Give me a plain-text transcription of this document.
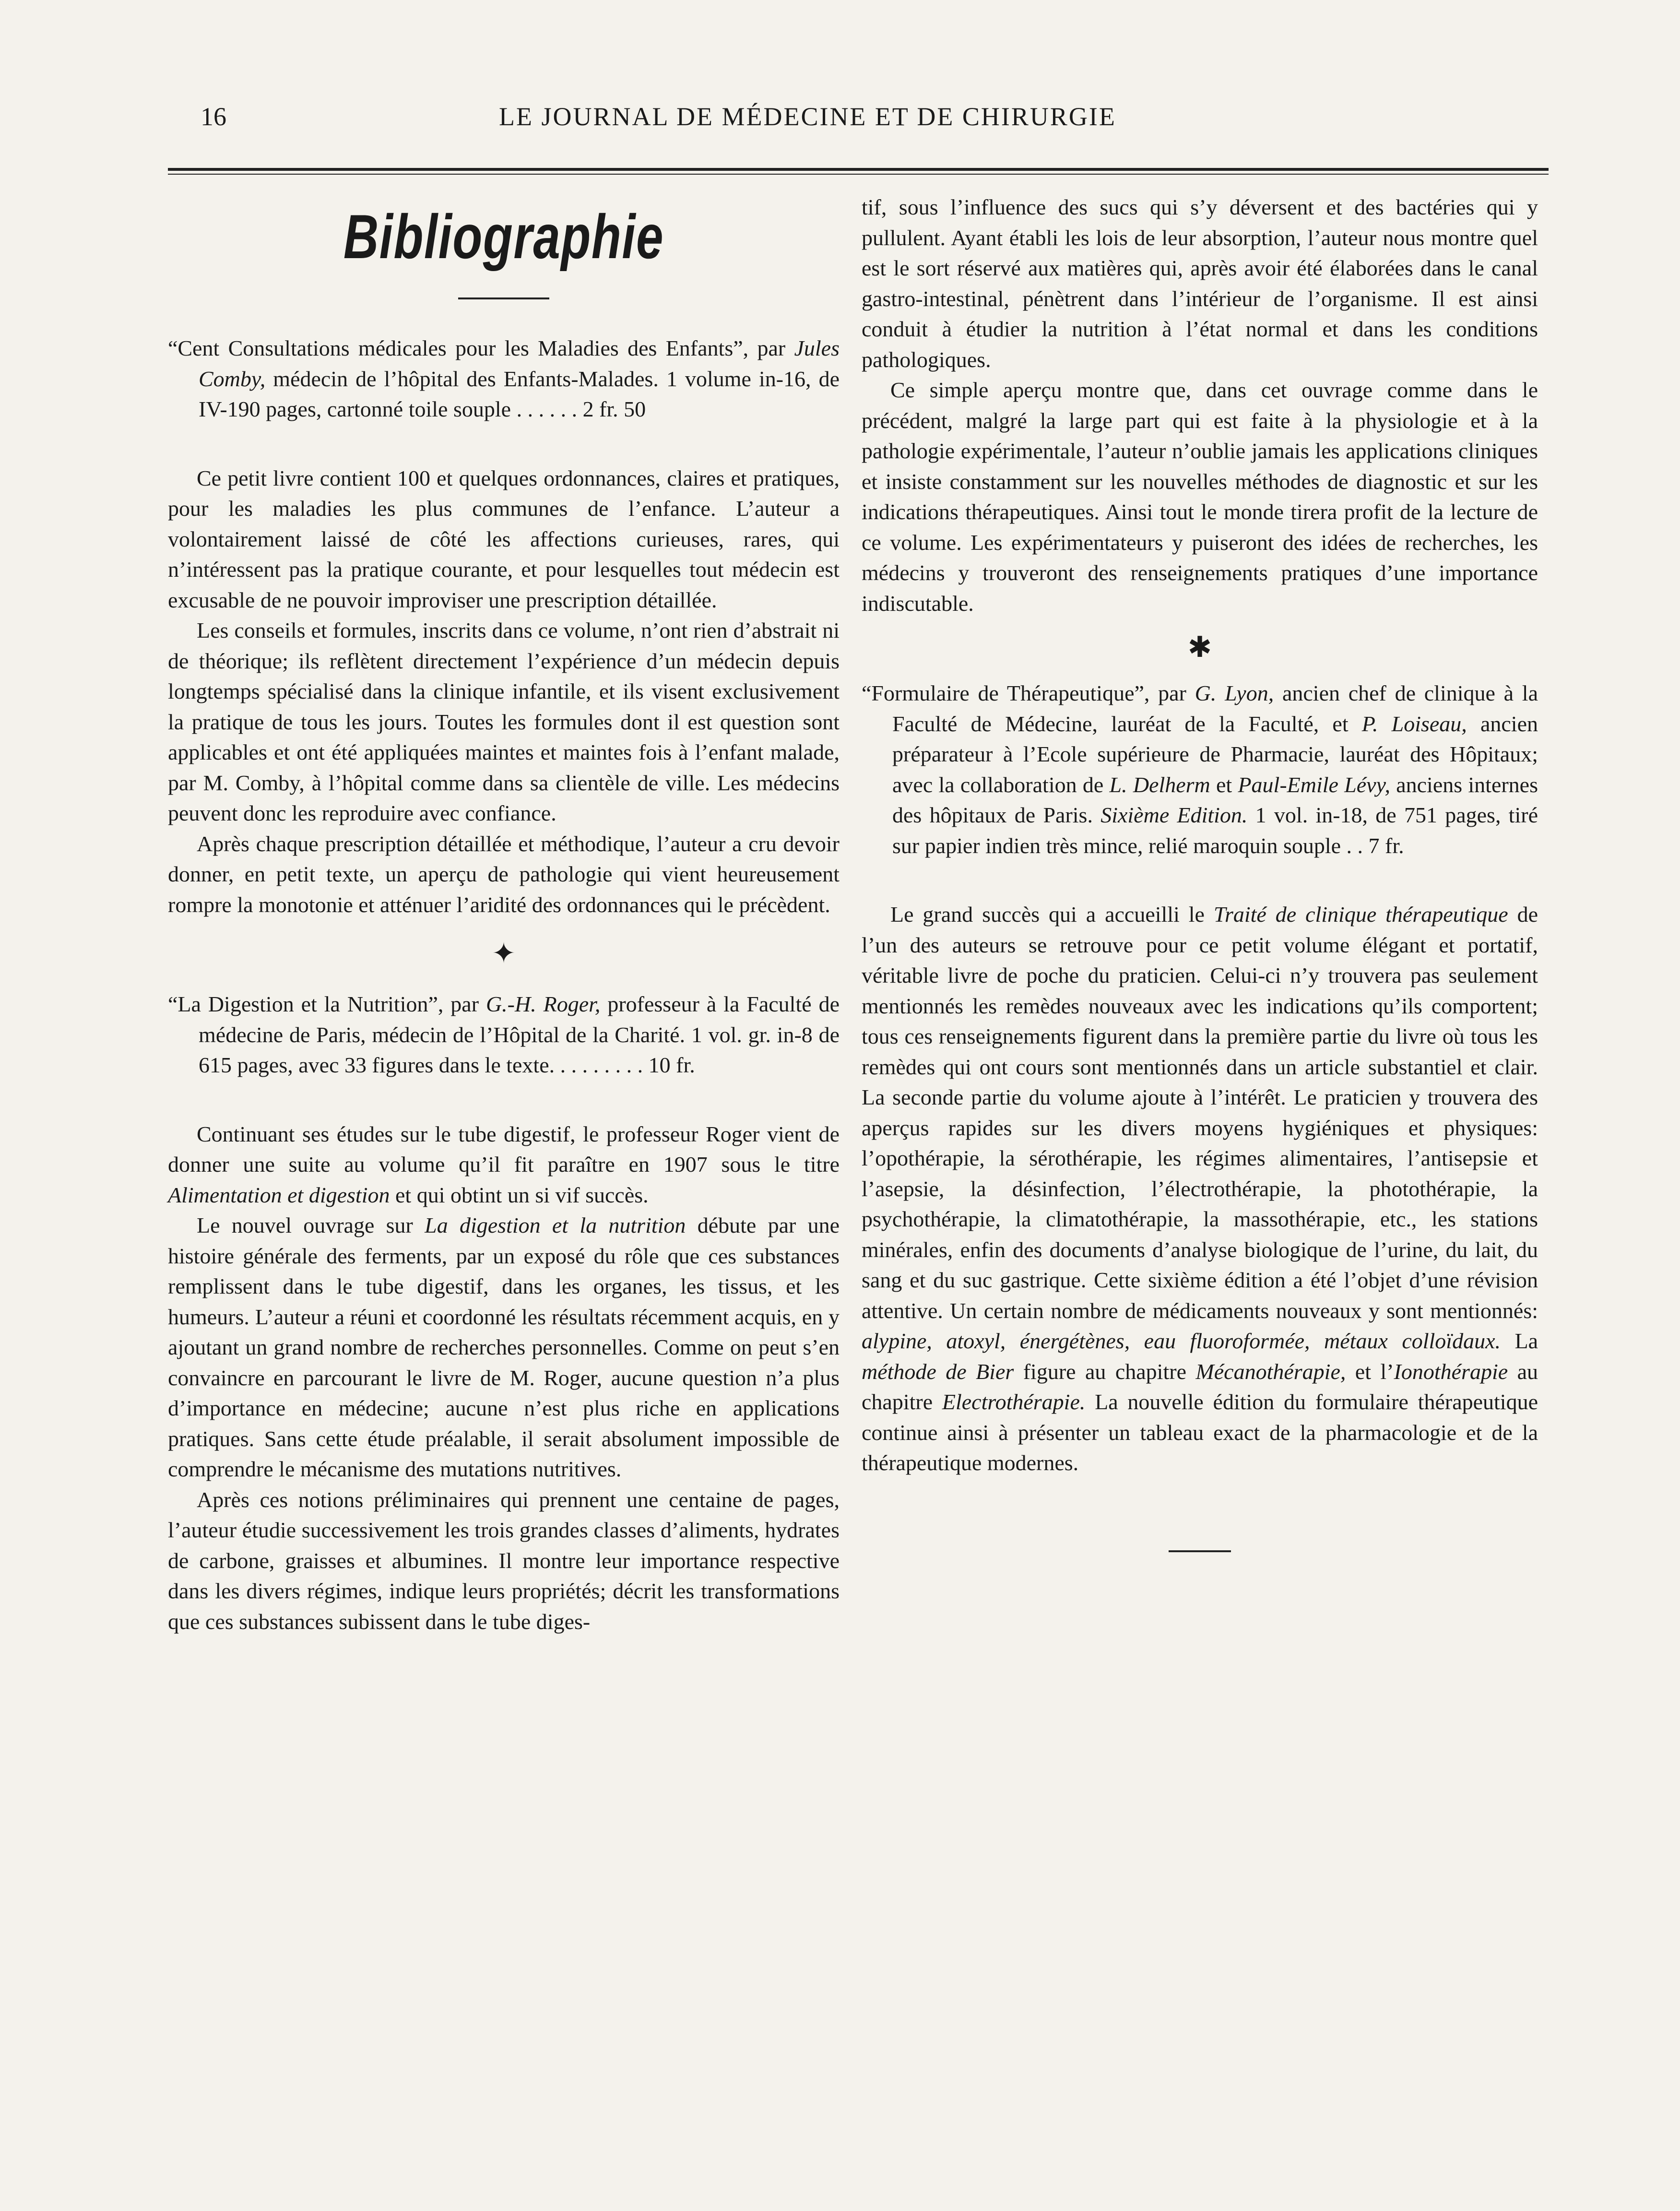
16	LE JOURNAL DE MÉDECINE ET DE CHIRURGIE
Bibliographie
“Cent Consultations médicales pour les Maladies des Enfants”, par Jules Comby, médecin de l’hôpital des Enfants-Malades. 1 volume in-16, de IV-190 pages, cartonné toile souple . . . . . . 2 fr. 50

Ce petit livre contient 100 et quelques ordonnances, claires et pratiques, pour les maladies les plus communes de l’enfance. L’auteur a volontairement laissé de côté les affections curieuses, rares, qui n’intéressent pas la pratique courante, et pour lesquelles tout médecin est excusable de ne pouvoir improviser une prescription détaillée.

Les conseils et formules, inscrits dans ce volume, n’ont rien d’abstrait ni de théorique; ils reflètent directement l’expérience d’un médecin depuis longtemps spécialisé dans la clinique infantile, et ils visent exclusivement la pratique de tous les jours. Toutes les formules dont il est question sont applicables et ont été appliquées maintes et maintes fois à l’enfant malade, par M. Comby, à l’hôpital comme dans sa clientèle de ville. Les médecins peuvent donc les reproduire avec confiance.

Après chaque prescription détaillée et méthodique, l’auteur a cru devoir donner, en petit texte, un aperçu de pathologie qui vient heureusement rompre la monotonie et atténuer l’aridité des ordonnances qui le précèdent.

✦
“La Digestion et la Nutrition”, par G.-H. Roger, professeur à la Faculté de médecine de Paris, médecin de l’Hôpital de la Charité. 1 vol. gr. in-8 de 615 pages, avec 33 figures dans le texte. . . . . . . . . 10 fr.

Continuant ses études sur le tube digestif, le professeur Roger vient de donner une suite au volume qu’il fit paraître en 1907 sous le titre Alimentation et digestion et qui obtint un si vif succès.

Le nouvel ouvrage sur La digestion et la nutrition débute par une histoire générale des ferments, par un exposé du rôle que ces substances remplissent dans le tube digestif, dans les organes, les tissus, et les humeurs. L’auteur a réuni et coordonné les résultats récemment acquis, en y ajoutant un grand nombre de recherches personnelles. Comme on peut s’en convaincre en parcourant le livre de M. Roger, aucune question n’a plus d’importance en médecine; aucune n’est plus riche en applications pratiques. Sans cette étude préalable, il serait absolument impossible de comprendre le mécanisme des mutations nutritives.

Après ces notions préliminaires qui prennent une centaine de pages, l’auteur étudie successivement les trois grandes classes d’aliments, hydrates de carbone, graisses et albumines. Il montre leur importance respective dans les divers régimes, indique leurs propriétés; décrit les transformations que ces substances subissent dans le tube diges-

tif, sous l’influence des sucs qui s’y déversent et des bactéries qui y pullulent. Ayant établi les lois de leur absorption, l’auteur nous montre quel est le sort réservé aux matières qui, après avoir été élaborées dans le canal gastro-intestinal, pénètrent dans l’intérieur de l’organisme. Il est ainsi conduit à étudier la nutrition à l’état normal et dans les conditions pathologiques.

Ce simple aperçu montre que, dans cet ouvrage comme dans le précédent, malgré la large part qui est faite à la physiologie et à la pathologie expérimentale, l’auteur n’oublie jamais les applications cliniques et insiste constamment sur les nouvelles méthodes de diagnostic et sur les indications thérapeutiques. Ainsi tout le monde tirera profit de la lecture de ce volume. Les expérimentateurs y puiseront des idées de recherches, les médecins y trouveront des renseignements pratiques d’une importance indiscutable.

✱
“Formulaire de Thérapeutique”, par G. Lyon, ancien chef de clinique à la Faculté de Médecine, lauréat de la Faculté, et P. Loiseau, ancien préparateur à l’Ecole supérieure de Pharmacie, lauréat des Hôpitaux; avec la collaboration de L. Delherm et Paul-Emile Lévy, anciens internes des hôpitaux de Paris. Sixième Edition. 1 vol. in-18, de 751 pages, tiré sur papier indien très mince, relié maroquin souple . . 7 fr.

Le grand succès qui a accueilli le Traité de clinique thérapeutique de l’un des auteurs se retrouve pour ce petit volume élégant et portatif, véritable livre de poche du praticien. Celui-ci n’y trouvera pas seulement mentionnés les remèdes nouveaux avec les indications qu’ils comportent; tous ces renseignements figurent dans la première partie du livre où tous les remèdes qui ont cours sont mentionnés dans un article substantiel et clair. La seconde partie du volume ajoute à l’intérêt. Le praticien y trouvera des aperçus rapides sur les divers moyens hygiéniques et physiques: l’opothérapie, la sérothérapie, les régimes alimentaires, l’antisepsie et l’asepsie, la désinfection, l’électrothérapie, la photothérapie, la psychothérapie, la climatothérapie, la massothérapie, etc., les stations minérales, enfin des documents d’analyse biologique de l’urine, du lait, du sang et du suc gastrique. Cette sixième édition a été l’objet d’une révision attentive. Un certain nombre de médicaments nouveaux y sont mentionnés: alypine, atoxyl, énergétènes, eau fluoroformée, métaux colloïdaux. La méthode de Bier figure au chapitre Mécanothérapie, et l’Ionothérapie au chapitre Electrothérapie. La nouvelle édition du formulaire thérapeutique continue ainsi à présenter un tableau exact de la pharmacologie et de la thérapeutique modernes.
